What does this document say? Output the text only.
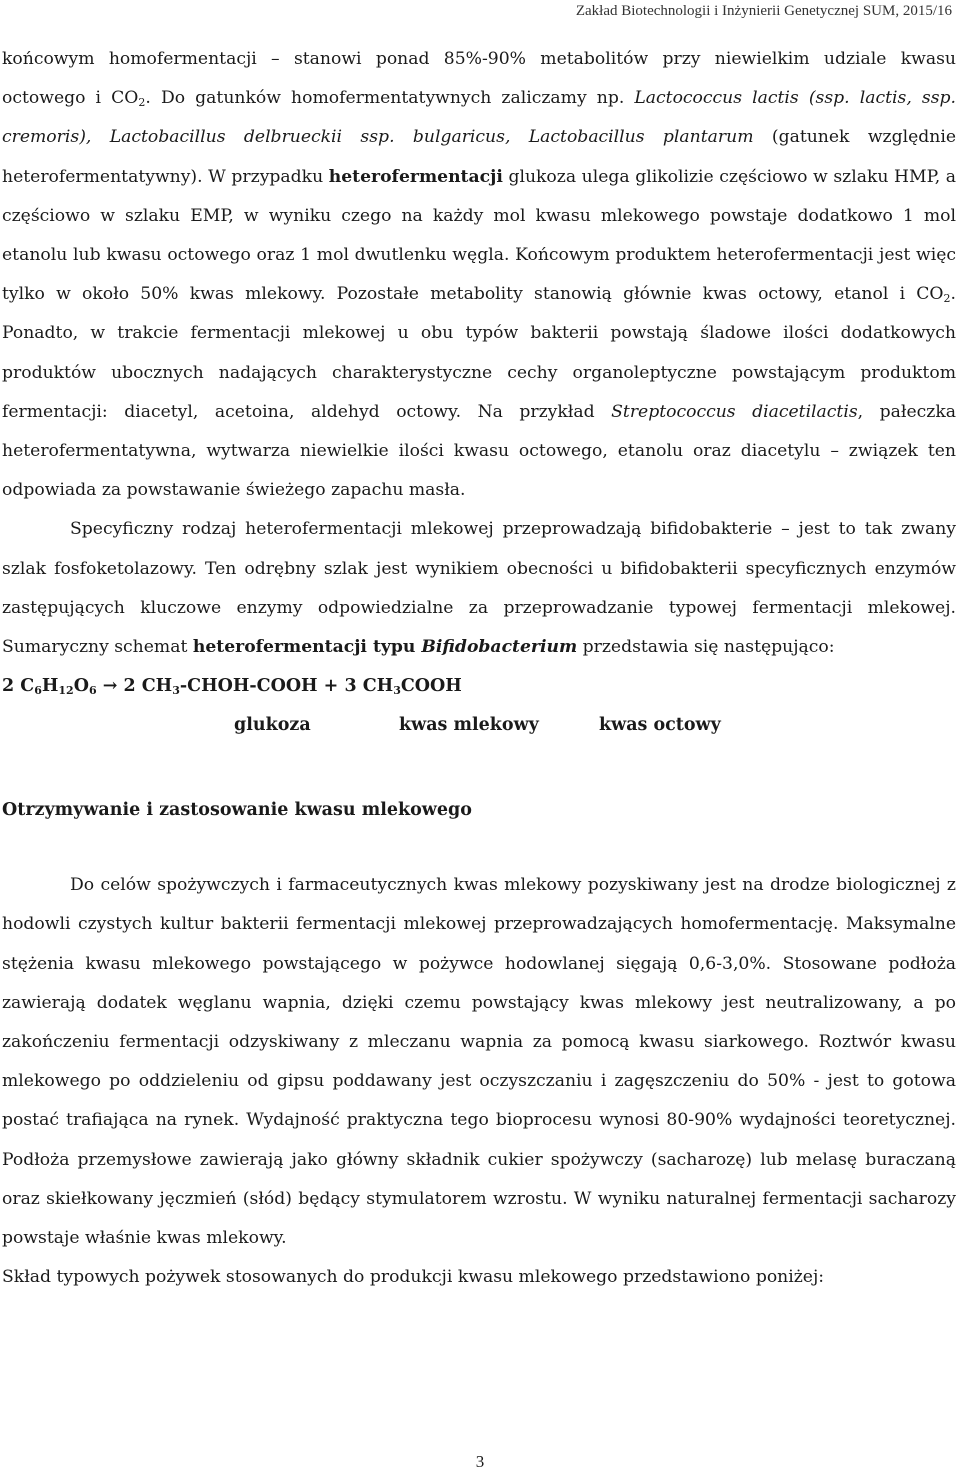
Zakład Biotechnologii i Inżynierii Genetycznej SUM, 2015/16

końcowym homofermentacji – stanowi ponad 85%-90% metabolitów przy niewielkim udziale kwasu octowego i $CO_2$. Do gatunków homofermentatywnych zaliczamy np. Lactococcus lactis (ssp. lactis, ssp. cremoris), Lactobacillus delbrueckii ssp. bulgaricus, Lactobacillus plantarum (gatunek względnie heterofermentatywny). W przypadku heterofermentacji glukoza ulega glikolizie częściowo w szlaku HMP, a częściowo w szlaku EMP, w wyniku czego na każdy mol kwasu mlekowego powstaje dodatkowo 1 mol etanolu lub kwasu octowego oraz 1 mol dwutlenku węgla. Końcowym produktem heterofermentacji jest więc tylko w około 50% kwas mlekowy. Pozostałe metabolity stanowią głównie kwas octowy, etanol i $CO_2$. Ponadto, w trakcie fermentacji mlekowej u obu typów bakterii powstają śladowe ilości dodatkowych produktów ubocznych nadających charakterystyczne cechy organoleptyczne powstającym produktom fermentacji: diacetyl, acetoina, aldehyd octowy. Na przykład Streptococcus diacetilactis, pałeczka heterofermentatywna, wytwarza niewielkie ilości kwasu octowego, etanolu oraz diacetylu – związek ten odpowiada za powstawanie świeżego zapachu masła.

Specyficzny rodzaj heterofermentacji mlekowej przeprowadzają bifidobakterie – jest to tak zwany szlak fosfoketolazowy. Ten odrębny szlak jest wynikiem obecności u bifidobakterii specyficznych enzymów zastępujących kluczowe enzymy odpowiedzialne za przeprowadzanie typowej fermentacji mlekowej. Sumaryczny schemat heterofermentacji typu Bifidobacterium przedstawia się następująco:

2 $C_6H_{12}O_6 \to 2$ $CH_3-CHOH$-COOH + 3 $CH_3COOH$

glukoza	kwas mlekowy	kwas octowy

Otrzymywanie i zastosowanie kwasu mlekowego

Do celów spożywczych i farmaceutycznych kwas mlekowy pozyskiwany jest na drodze biologicznej z hodowli czystych kultur bakterii fermentacji mlekowej przeprowadzających homofermentację. Maksymalne stężenia kwasu mlekowego powstającego w pożywce hodowlanej sięgają 0,6-3,0%. Stosowane podłoża zawierają dodatek węglanu wapnia, dzięki czemu powstający kwas mlekowy jest neutralizowany, a po zakończeniu fermentacji odzyskiwany z mleczanu wapnia za pomocą kwasu siarkowego. Roztwór kwasu mlekowego po oddzieleniu od gipsu poddawany jest oczyszczaniu i zagęszczeniu do 50% - jest to gotowa postać trafiająca na rynek. Wydajność praktyczna tego bioprocesu wynosi 80-90% wydajności teoretycznej. Podłoża przemysłowe zawierają jako główny składnik cukier spożywczy (sacharozę) lub melasę buraczaną oraz skiełkowany jęczmień (słód) będący stymulatorem wzrostu. W wyniku naturalnej fermentacji sacharozy powstaje właśnie kwas mlekowy.

Skład typowych pożywek stosowanych do produkcji kwasu mlekowego przedstawiono poniżej:

3
